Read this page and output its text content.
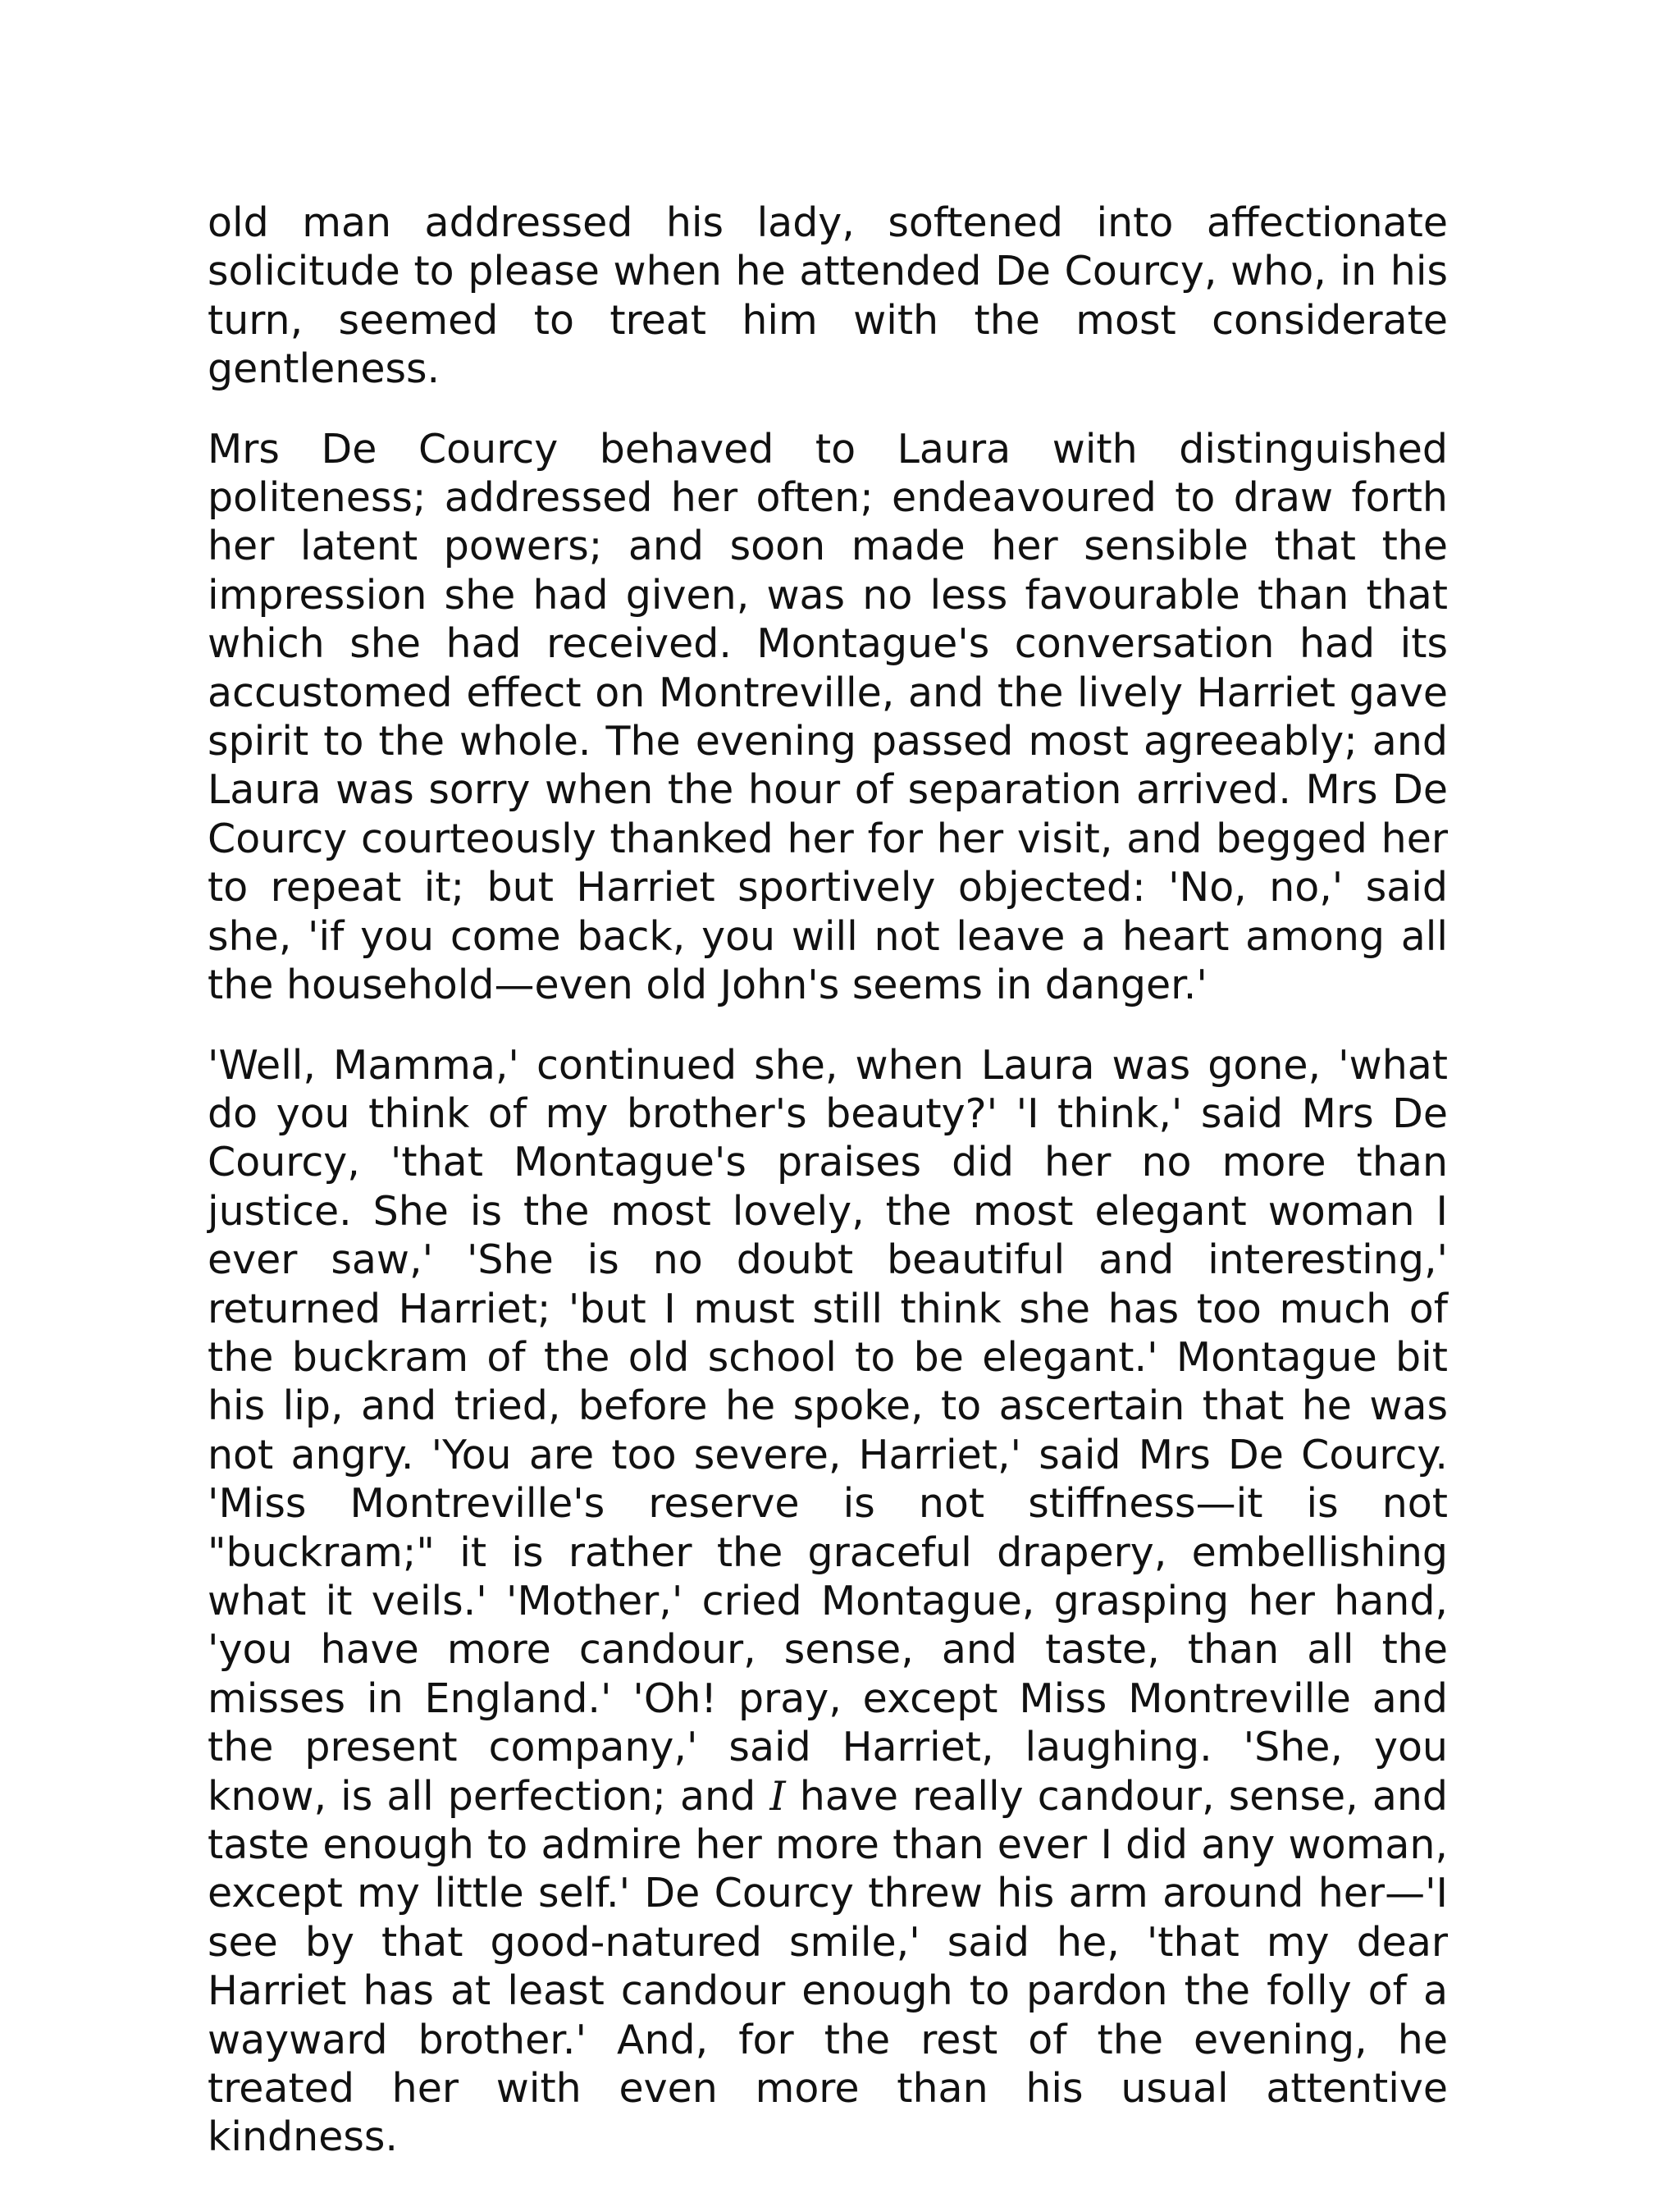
old man addressed his lady, softened into affectionate solicitude to please when he attended De Courcy, who, in his turn, seemed to treat him with the most considerate gentleness.

Mrs De Courcy behaved to Laura with distinguished politeness; addressed her often; endeavoured to draw forth her latent powers; and soon made her sensible that the impression she had given, was no less favourable than that which she had received. Montague's conversation had its accustomed effect on Montreville, and the lively Harriet gave spirit to the whole. The evening passed most agreeably; and Laura was sorry when the hour of separation arrived. Mrs De Courcy courteously thanked her for her visit, and begged her to repeat it; but Harriet sportively objected: 'No, no,' said she, 'if you come back, you will not leave a heart among all the household—even old John's seems in danger.'

'Well, Mamma,' continued she, when Laura was gone, 'what do you think of my brother's beauty?' 'I think,' said Mrs De Courcy, 'that Montague's praises did her no more than justice. She is the most lovely, the most elegant woman I ever saw,' 'She is no doubt beautiful and interesting,' returned Harriet; 'but I must still think she has too much of the buckram of the old school to be elegant.' Montague bit his lip, and tried, before he spoke, to ascertain that he was not angry. 'You are too severe, Harriet,' said Mrs De Courcy. 'Miss Montreville's reserve is not stiffness—it is not "buckram;" it is rather the graceful drapery, embellishing what it veils.' 'Mother,' cried Montague, grasping her hand, 'you have more candour, sense, and taste, than all the misses in England.' 'Oh! pray, except Miss Montreville and the present company,' said Harriet, laughing. 'She, you know, is all perfection; and I have really candour, sense, and taste enough to admire her more than ever I did any woman, except my little self.' De Courcy threw his arm around her—'I see by that good-natured smile,' said he, 'that my dear Harriet has at least candour enough to pardon the folly of a wayward brother.' And, for the rest of the evening, he treated her with even more than his usual attentive kindness.
